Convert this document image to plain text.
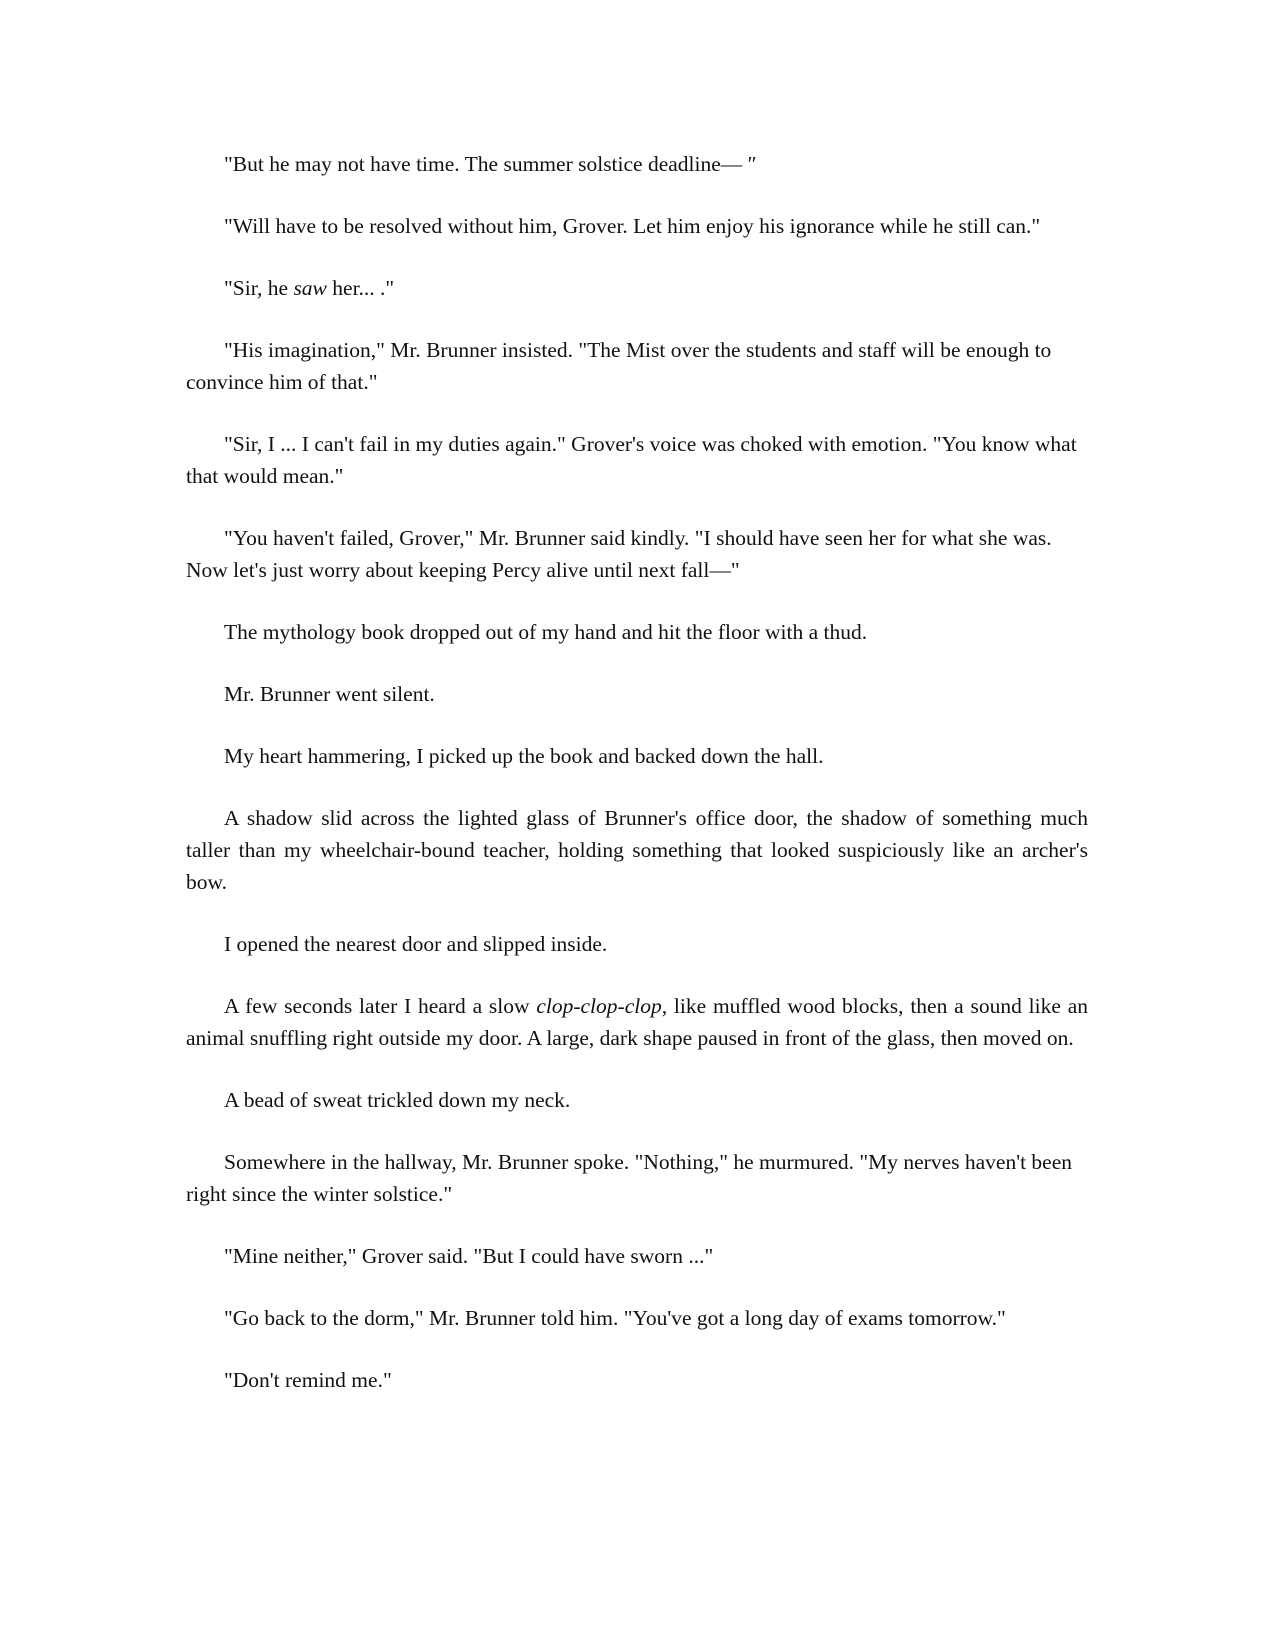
"But he may not have time. The summer solstice deadline— ″

"Will have to be resolved without him, Grover. Let him enjoy his ignorance while he still can."

"Sir, he saw her... ."

"His imagination," Mr. Brunner insisted. "The Mist over the students and staff will be enough to convince him of that."

"Sir, I ... I can't fail in my duties again." Grover's voice was choked with emotion. "You know what that would mean."

"You haven't failed, Grover," Mr. Brunner said kindly. "I should have seen her for what she was. Now let's just worry about keeping Percy alive until next fall—"

The mythology book dropped out of my hand and hit the floor with a thud.

Mr. Brunner went silent.

My heart hammering, I picked up the book and backed down the hall.

A shadow slid across the lighted glass of Brunner's office door, the shadow of something much taller than my wheelchair-bound teacher, holding something that looked suspiciously like an archer's bow.

I opened the nearest door and slipped inside.

A few seconds later I heard a slow clop-clop-clop, like muffled wood blocks, then a sound like an animal snuffling right outside my door. A large, dark shape paused in front of the glass, then moved on.

A bead of sweat trickled down my neck.

Somewhere in the hallway, Mr. Brunner spoke. "Nothing," he murmured. "My nerves haven't been right since the winter solstice."

"Mine neither," Grover said. "But I could have sworn ..."

"Go back to the dorm," Mr. Brunner told him. "You've got a long day of exams tomorrow."

"Don't remind me."
